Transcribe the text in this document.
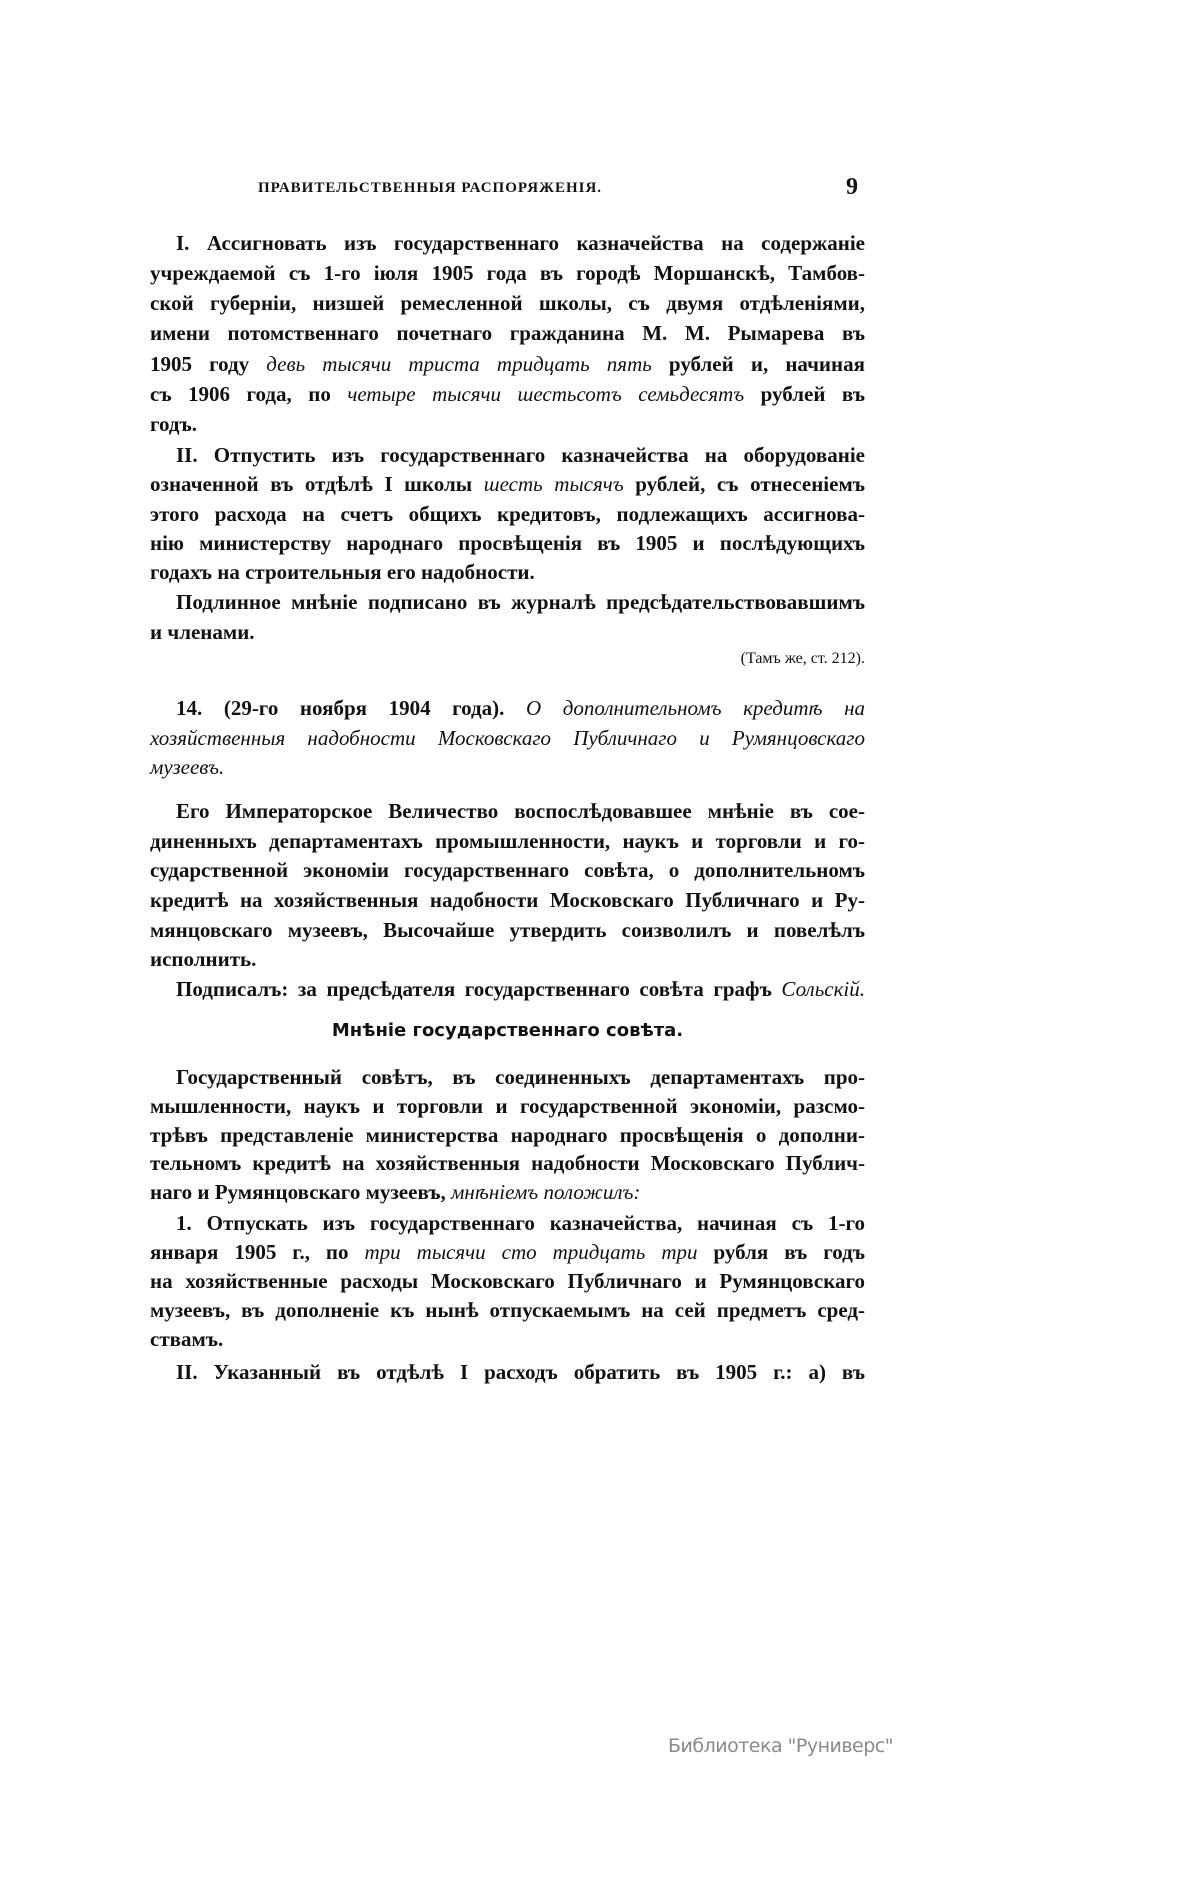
ПРАВИТЕЛЬСТВЕННЫЯ РАСПОРЯЖЕНІЯ.	9
I. Ассигновать изъ государственнаго казначейства на содержаніе
учреждаемой съ 1-го іюля 1905 года въ городѣ Моршанскѣ, Тамбов-
ской губерніи, низшей ремесленной школы, съ двумя отдѣленіями,
имени потомственнаго почетнаго гражданина М. М. Рымарева въ
1905 году девь тысячи триста тридцать пять рублей и, начиная
съ 1906 года, по четыре тысячи шестьсотъ семьдесятъ рублей въ
годъ.
II. Отпустить изъ государственнаго казначейства на оборудованіе
означенной въ отдѣлѣ I школы шесть тысячъ рублей, съ отнесеніемъ
этого расхода на счетъ общихъ кредитовъ, подлежащихъ ассигнова-
нію министерству народнаго просвѣщенія въ 1905 и послѣдующихъ
годахъ на строительныя его надобности.
Подлинное мнѣніе подписано въ журналѣ предсѣдательствовавшимъ
и членами.
(Тамъ же, ст. 212).
14. (29-го ноября 1904 года). О дополнительномъ кредитѣ на
хозяйственныя надобности Московскаго Публичнаго и Румянцовскаго
музеевъ.
Его Императорское Величество воспослѣдовавшее мнѣніе въ сое-
диненныхъ департаментахъ промышленности, наукъ и торговли и го-
сударственной экономіи государственнаго совѣта, о дополнительномъ
кредитѣ на хозяйственныя надобности Московскаго Публичнаго и Ру-
мянцовскаго музеевъ, Высочайше утвердить соизволилъ и повелѣлъ
исполнить.
Подписалъ: за предсѣдателя государственнаго совѣта графъ Сольскій.
Мнѣніе государственнаго совѣта.
Государственный совѣтъ, въ соединенныхъ департаментахъ про-
мышленности, наукъ и торговли и государственной экономіи, разсмо-
трѣвъ представленіе министерства народнаго просвѣщенія о дополни-
тельномъ кредитѣ на хозяйственныя надобности Московскаго Публич-
наго и Румянцовскаго музеевъ, мнѣніемъ положилъ:
1. Отпускать изъ государственнаго казначейства, начиная съ 1-го
января 1905 г., по три тысячи сто тридцать три рубля въ годъ
на хозяйственные расходы Московскаго Публичнаго и Румянцовскаго
музеевъ, въ дополненіе къ нынѣ отпускаемымъ на сей предметъ сред-
ствамъ.
II. Указанный въ отдѣлѣ I расходъ обратить въ 1905 г.: а) въ
Библиотека "Руниверс"
